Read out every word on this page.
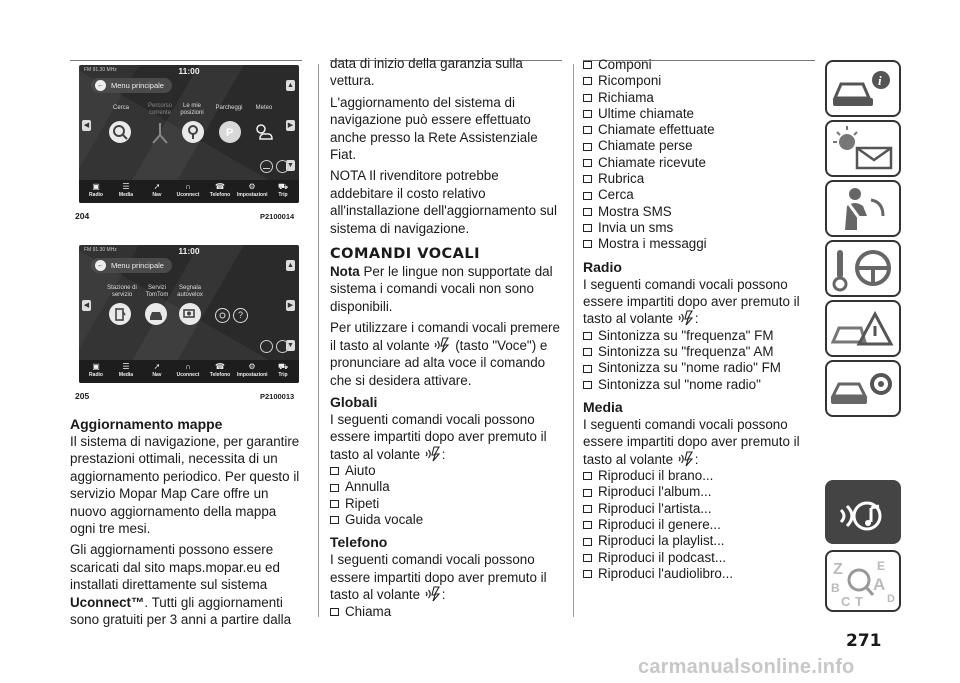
FM 91.30 MHz	11:00
← Menu principale	▲
◀	▶
▼
Cerca	Percorso corrente
Le mie posizioni
Parcheggi	Meteo
P
▣
Radio
☰
Media
➚
Nav
∩
Uconnect
☎
Telefono
⚙
Impostazioni
⛟
Trip
204	P2100014
FM 91.30 MHz	11:00
← Menu principale	▲
◀	▶
▼
Stazione di servizio
Servizi TomTom
Segnala autovelox
?
▣
Radio
☰
Media
➚
Nav
∩
Uconnect
☎
Telefono
⚙
Impostazioni
⛟
Trip
205	P2100013
Aggiornamento mappe

Il sistema di navigazione, per garantire prestazioni ottimali, necessita di un aggiornamento periodico. Per questo il servizio Mopar Map Care offre un nuovo aggiornamento della mappa ogni tre mesi.

Gli aggiornamenti possono essere scaricati dal sito maps.mopar.eu ed installati direttamente sul sistema Uconnect™. Tutti gli aggiornamenti sono gratuiti per 3 anni a partire dalla

data di inizio della garanzia sulla vettura.

L'aggiornamento del sistema di navigazione può essere effettuato anche presso la Rete Assistenziale Fiat.

NOTA Il rivenditore potrebbe addebitare il costo relativo all'installazione dell'aggiornamento sul sistema di navigazione.

COMANDI VOCALI

Nota Per le lingue non supportate dal sistema i comandi vocali non sono disponibili.

Per utilizzare i comandi vocali premere il tasto al volante  (tasto "Voce") e pronunciare ad alta voce il comando che si desidera attivare.

Globali

I seguenti comandi vocali possono essere impartiti dopo aver premuto il tasto al volante :

Aiuto
Annulla
Ripeti
Guida vocale
Telefono

I seguenti comandi vocali possono essere impartiti dopo aver premuto il tasto al volante :

Chiama
Componi
Ricomponi
Richiama
Ultime chiamate
Chiamate effettuate
Chiamate perse
Chiamate ricevute
Rubrica
Cerca
Mostra SMS
Invia un sms
Mostra i messaggi
Radio

I seguenti comandi vocali possono essere impartiti dopo aver premuto il tasto al volante :

Sintonizza su "frequenza" FM
Sintonizza su "frequenza" AM
Sintonizza su "nome radio" FM
Sintonizza sul "nome radio"
Media

I seguenti comandi vocali possono essere impartiti dopo aver premuto il tasto al volante :

Riproduci il brano...
Riproduci l'album...
Riproduci l'artista...
Riproduci il genere...
Riproduci la playlist...
Riproduci il podcast...
Riproduci l'audiolibro...
i
Z	E
B A
C T D
271
carmanualsonline.info
